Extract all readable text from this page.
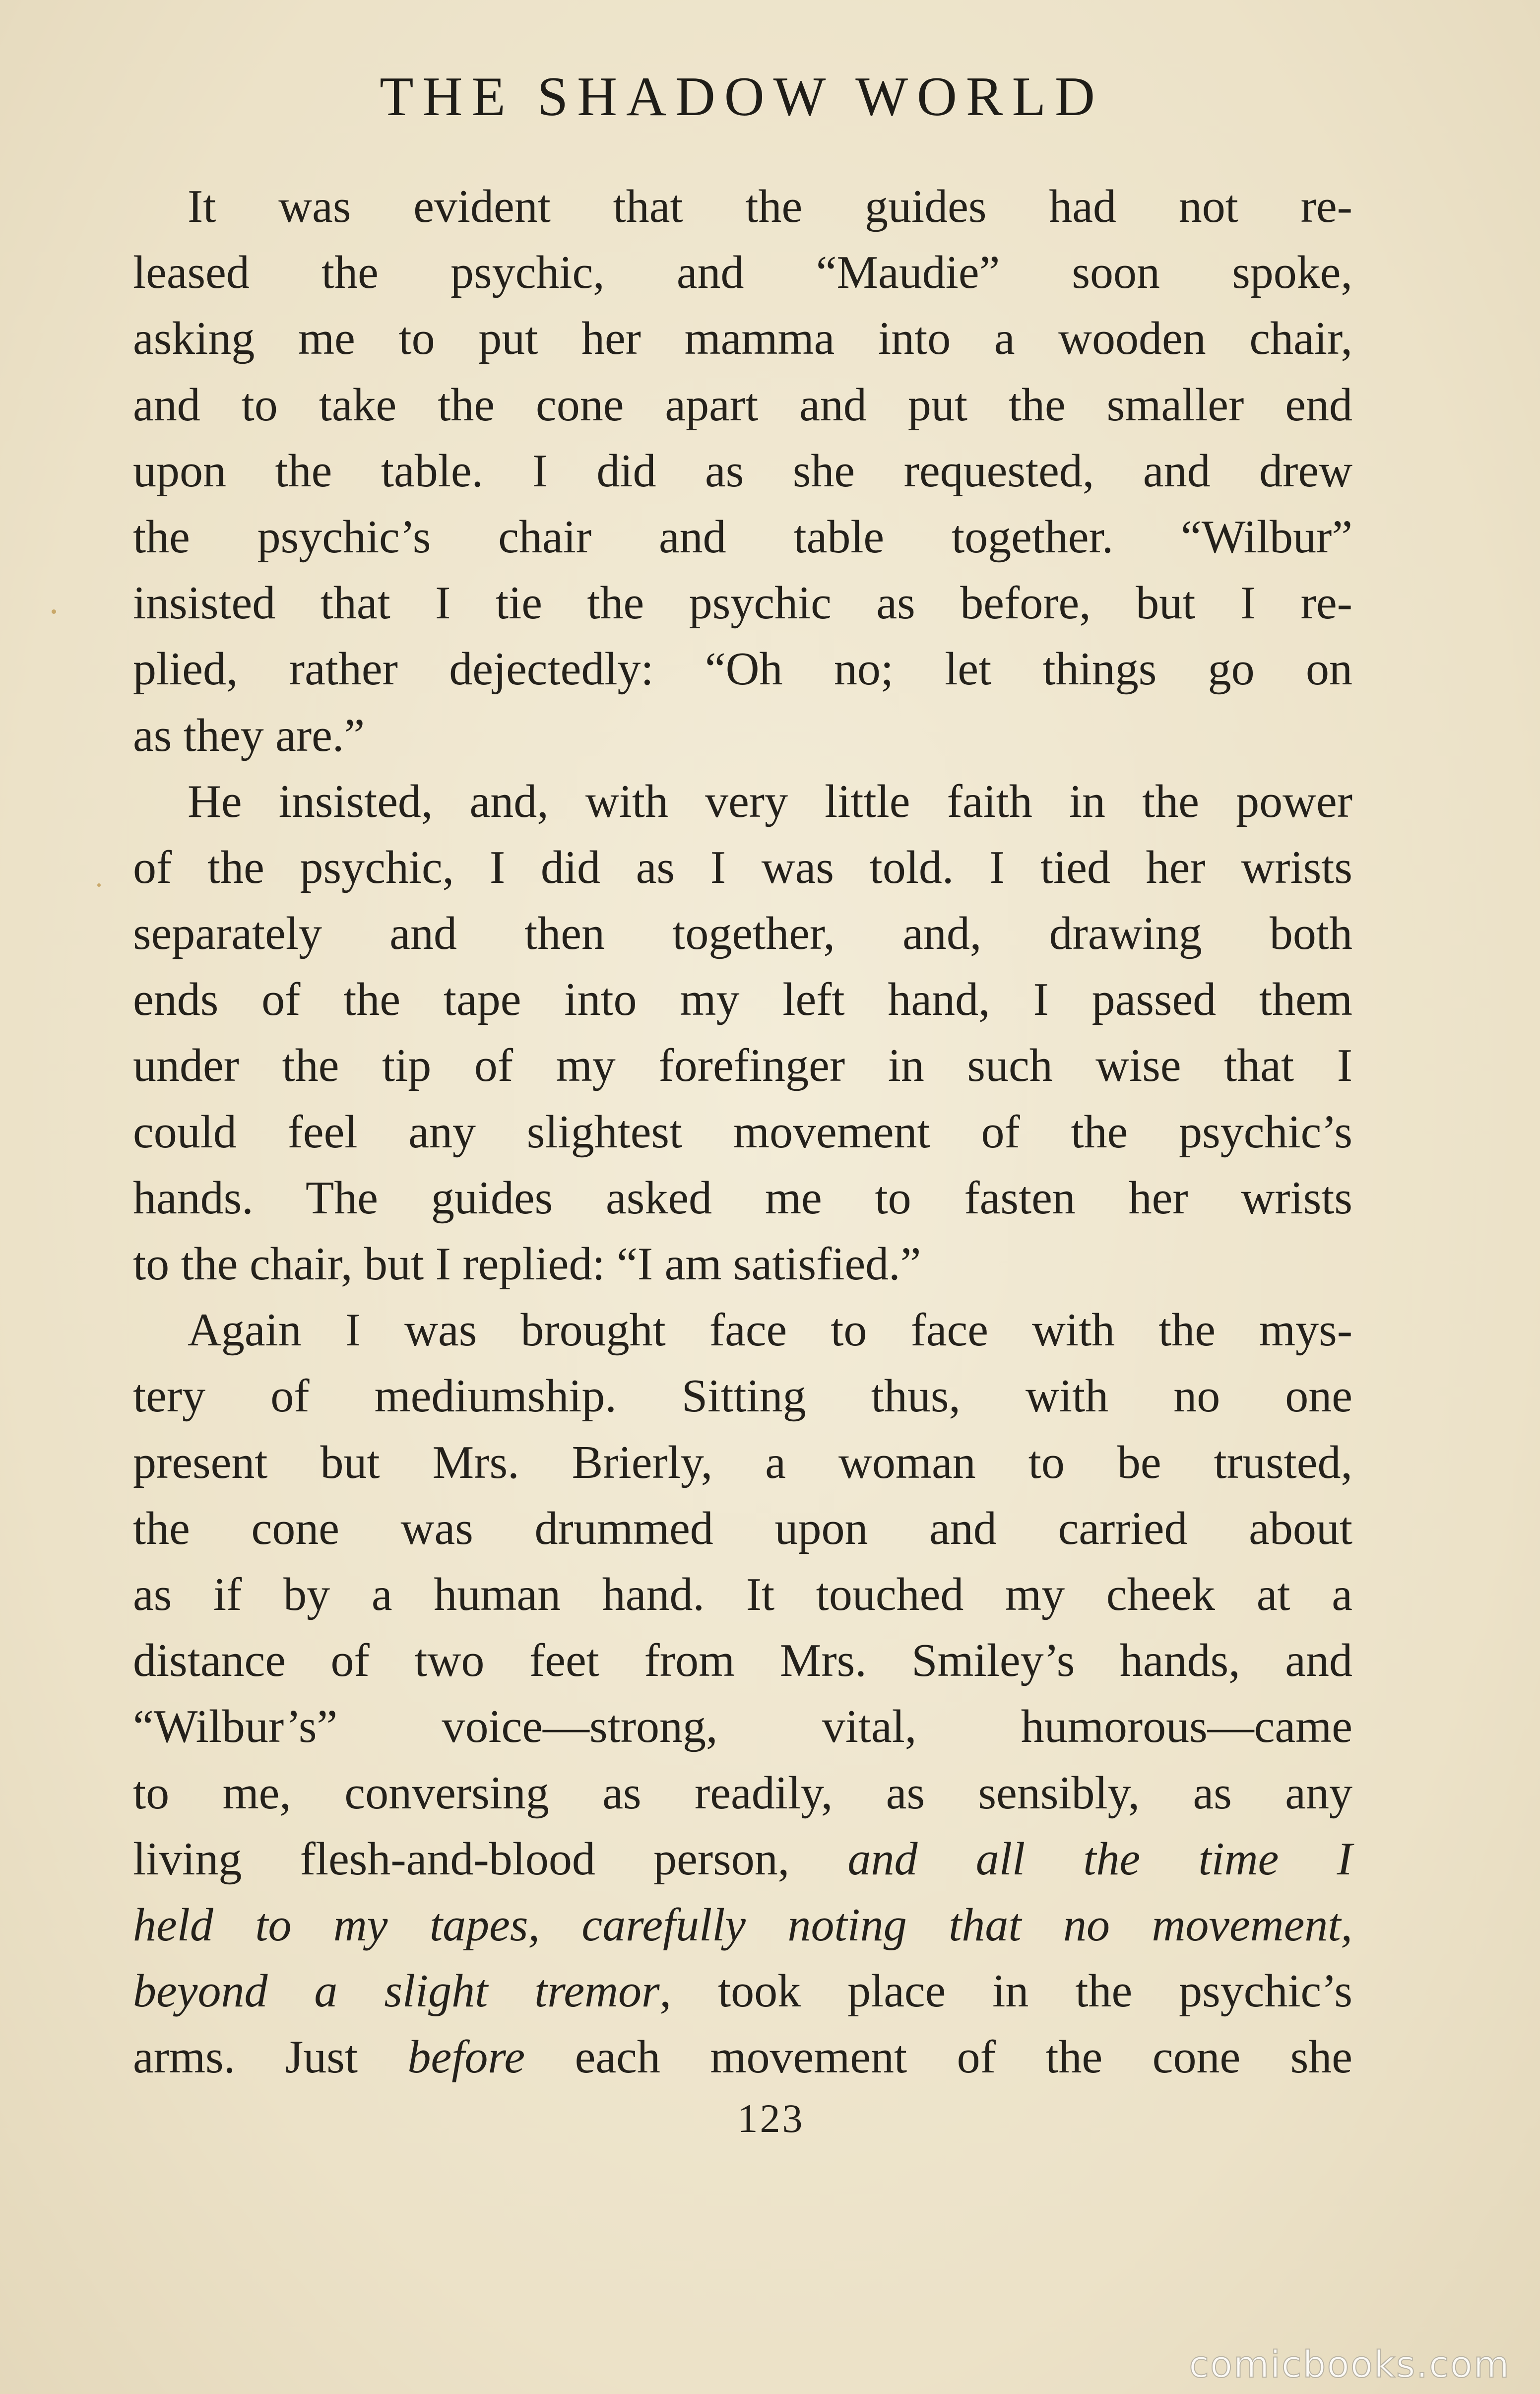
THE SHADOW WORLD
It was evident that the guides had not re-
leased the psychic, and “Maudie” soon spoke,
asking me to put her mamma into a wooden chair,
and to take the cone apart and put the smaller end
upon the table. I did as she requested, and drew
the psychic’s chair and table together. “Wilbur”
insisted that I tie the psychic as before, but I re-
plied, rather dejectedly: “Oh no; let things go on
as they are.”
He insisted, and, with very little faith in the power
of the psychic, I did as I was told. I tied her wrists
separately and then together, and, drawing both
ends of the tape into my left hand, I passed them
under the tip of my forefinger in such wise that I
could feel any slightest movement of the psychic’s
hands. The guides asked me to fasten her wrists
to the chair, but I replied: “I am satisfied.”
Again I was brought face to face with the mys-
tery of mediumship. Sitting thus, with no one
present but Mrs. Brierly, a woman to be trusted,
the cone was drummed upon and carried about
as if by a human hand. It touched my cheek at a
distance of two feet from Mrs. Smiley’s hands, and
“Wilbur’s” voice—strong, vital, humorous—came
to me, conversing as readily, as sensibly, as any
living flesh-and-blood person, and all the time I
held to my tapes, carefully noting that no movement,
beyond a slight tremor, took place in the psychic’s
arms. Just before each movement of the cone she
123
comicbooks.com
